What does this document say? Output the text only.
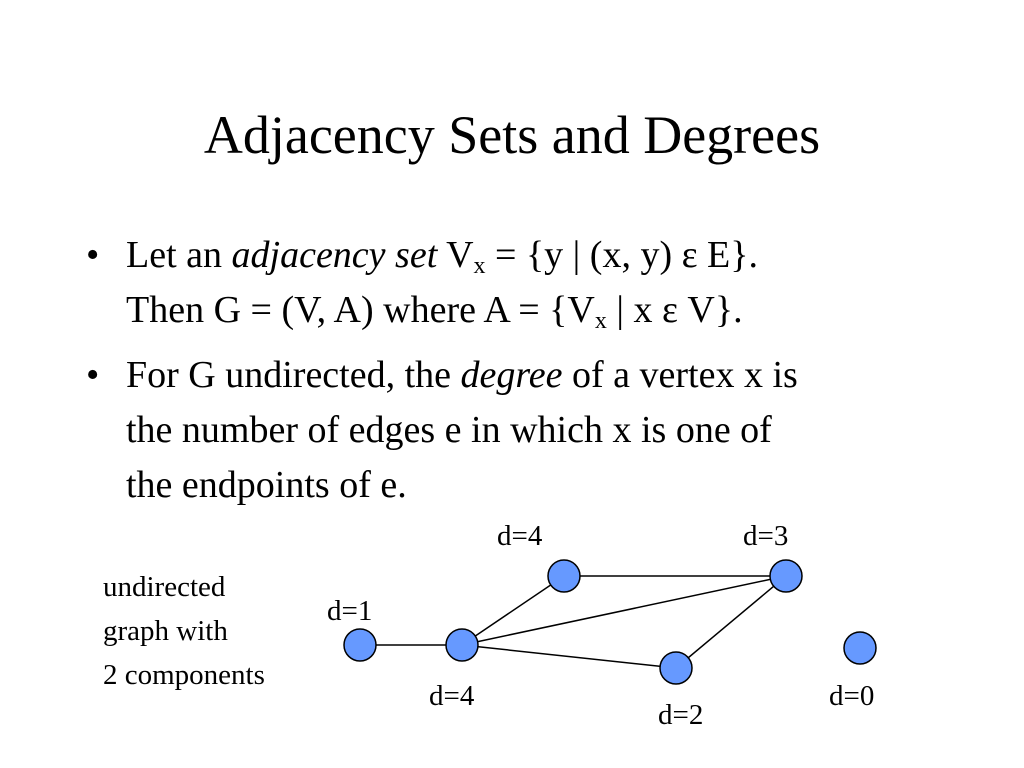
Adjacency Sets and Degrees
• Let an adjacency set $V_x = \{y$ | (x, y) ε E}.
Then G = (V, A) where $A = \{V_x$ | x ε V}.
• For G undirected, the degree of a vertex x is
the number of edges e in which x is one of
the endpoints of e.
undirected
graph with
2 components
d=1
d=4
d=4	d=3
d=2
d=0
